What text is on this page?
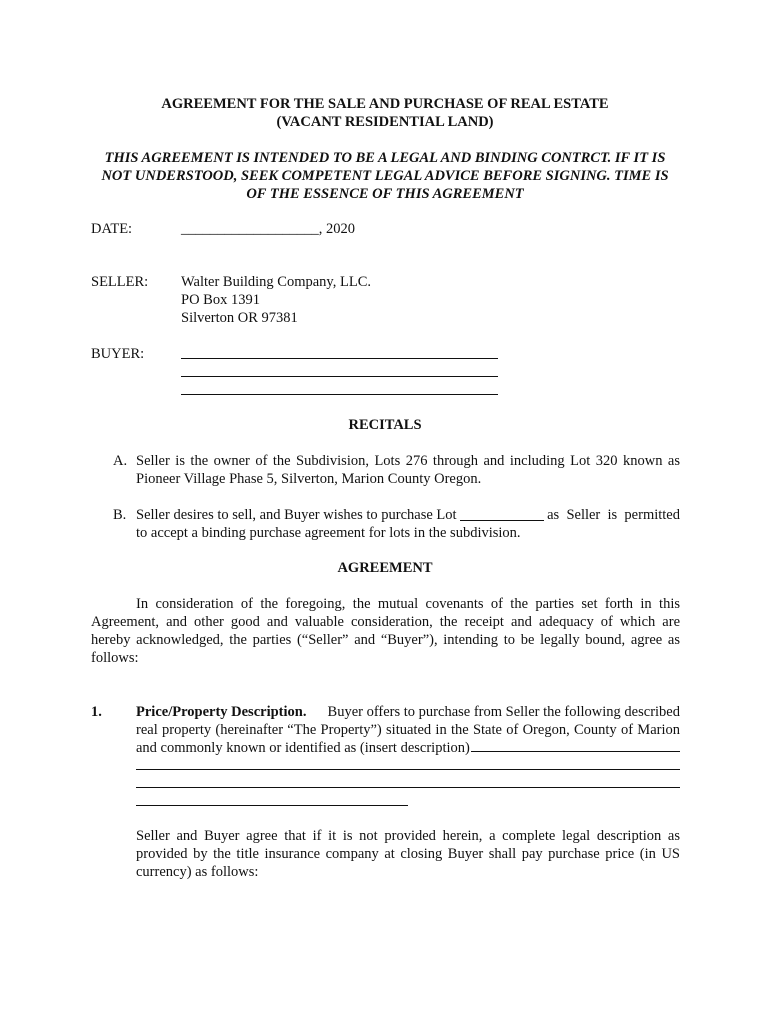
AGREEMENT FOR THE SALE AND PURCHASE OF REAL ESTATE
(VACANT RESIDENTIAL LAND)
THIS AGREEMENT IS INTENDED TO BE A LEGAL AND BINDING CONTRCT. IF IT IS
NOT UNDERSTOOD, SEEK COMPETENT LEGAL ADVICE BEFORE SIGNING. TIME IS
OF THE ESSENCE OF THIS AGREEMENT
DATE:	___________________, 2020
SELLER: Walter Building Company, LLC.
PO Box 1391
Silverton OR 97381
BUYER:
RECITALS
A. Seller is the owner of the Subdivision, Lots 276 through and including Lot 320 known as
Pioneer Village Phase 5, Silverton, Marion County Oregon.
B. Seller desires to sell, and Buyer wishes to purchase Lot

	as  Seller  is  permitted
to accept a binding purchase agreement for lots in the subdivision.
AGREEMENT
In consideration of the foregoing, the mutual covenants of the parties set forth in this
Agreement, and other good and valuable consideration, the receipt and adequacy of which are
hereby acknowledged, the parties (“Seller” and “Buyer”), intending to be legally bound, agree as
follows:
1. Price/Property Description. Buyer offers to purchase from Seller the following described
real property (hereinafter “The Property”) situated in the State of Oregon, County of Marion
and commonly known or identified as (insert description)
Seller and Buyer agree that if it is not provided herein, a complete legal description as
provided by the title insurance company at closing Buyer shall pay purchase price (in US
currency) as follows:
